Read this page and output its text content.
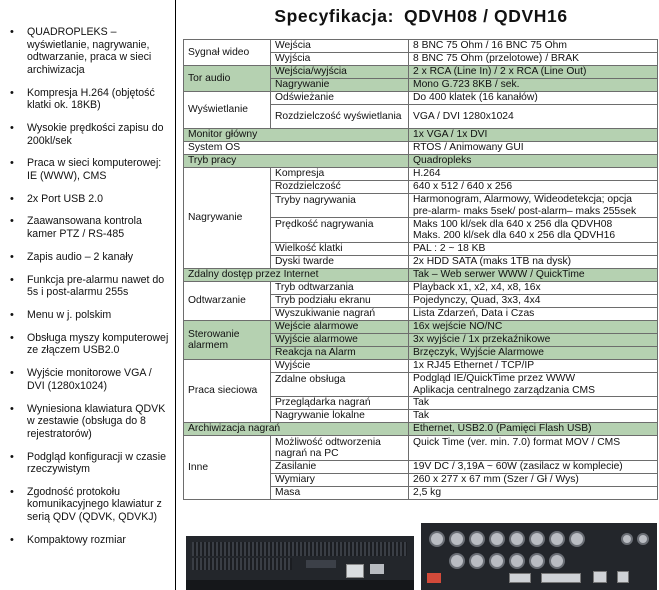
• QUADROPLEKS – wyświetlanie, nagrywanie, odtwarzanie, praca w sieci archiwizacja
• Kompresja H.264 (objętość klatki ok. 18KB)
• Wysokie prędkości zapisu do 200kl/sek
• Praca w sieci komputerowej: IE (WWW), CMS
• 2x Port USB 2.0
• Zaawansowana kontrola kamer PTZ / RS-485
• Zapis audio – 2 kanały
• Funkcja pre-alarmu nawet do 5s i post-alarmu 255s
• Menu w j. polskim
• Obsługa myszy komputerowej ze złączem USB2.0
• Wyjście monitorowe VGA / DVI (1280x1024)
• Wyniesiona klawiatura QDVK w zestawie (obsługa do 8 rejestratorów)
• Podgląd konfiguracji w czasie rzeczywistym
• Zgodność protokołu komunikacyjnego klawiatur z serią QDV (QDVK, QDVKJ)
• Kompaktowy rozmiar
Specyfikacja: QDVH08 / QDVH16
Sygnał wideo	Wejścia	8 BNC 75 Ohm / 16 BNC 75 Ohm
	Wyjścia	8 BNC 75 Ohm (przelotowe) / BRAK
Tor audio	Wejścia/wyjścia	2 x RCA (Line In) / 2 x RCA (Line Out)
	Nagrywanie	Mono G.723 8KB / sek.
Wyświetlanie	Odświeżanie	Do 400 klatek (16 kanałów)
	Rozdzielczość wyświetlania	VGA / DVI 1280x1024
Monitor główny		1x VGA / 1x DVI
System OS		RTOS / Animowany GUI
Tryb pracy		Quadropleks
Nagrywanie	Kompresja	H.264
	Rozdzielczość	640 x 512 / 640 x 256
	Tryby nagrywania	Harmonogram, Alarmowy, Wideodetekcja; opcja pre-alarm- maks 5sek/ post-alarm– maks 255sek
	Prędkość nagrywania	Maks 100 kl/sek dla 640 x 256 dla QDVH08
Maks. 200 kl/sek dla 640 x 256 dla QDVH16

	Wielkość klatki	PAL : 2 ~ 18 KB
	Dyski twarde	2x HDD SATA (maks 1TB na dysk)
Zdalny dostęp przez Internet		Tak – Web serwer WWW / QuickTime
Odtwarzanie	Tryb odtwarzania	Playback x1, x2, x4, x8, 16x
	Tryb podziału ekranu	Pojedynczy, Quad, 3x3, 4x4
	Wyszukiwanie nagrań	Lista Zdarzeń, Data i Czas
Sterowanie alarmem	Wejście alarmowe	16x wejście NO/NC
	Wyjście alarmowe	3x wyjście / 1x przekaźnikowe
	Reakcja na Alarm	Brzęczyk, Wyjście Alarmowe
Praca sieciowa	Wyjście	1x RJ45 Ethernet / TCP/IP
	Zdalne obsługa	Podgląd IE/QuickTime przez WWW
Aplikacja centralnego zarządzania CMS

	Przeglądarka nagrań	Tak
	Nagrywanie lokalne	Tak
Archiwizacja nagrań		Ethernet, USB2.0 (Pamięci Flash USB)
Inne	Możliwość odtworzenia nagrań na PC	Quick Time (ver. min. 7.0) format MOV / CMS
	Zasilanie	19V DC / 3,19A ~ 60W (zasilacz w komplecie)
	Wymiary	260 x 277 x 67 mm (Szer / Gł / Wys)
	Masa	2,5 kg
